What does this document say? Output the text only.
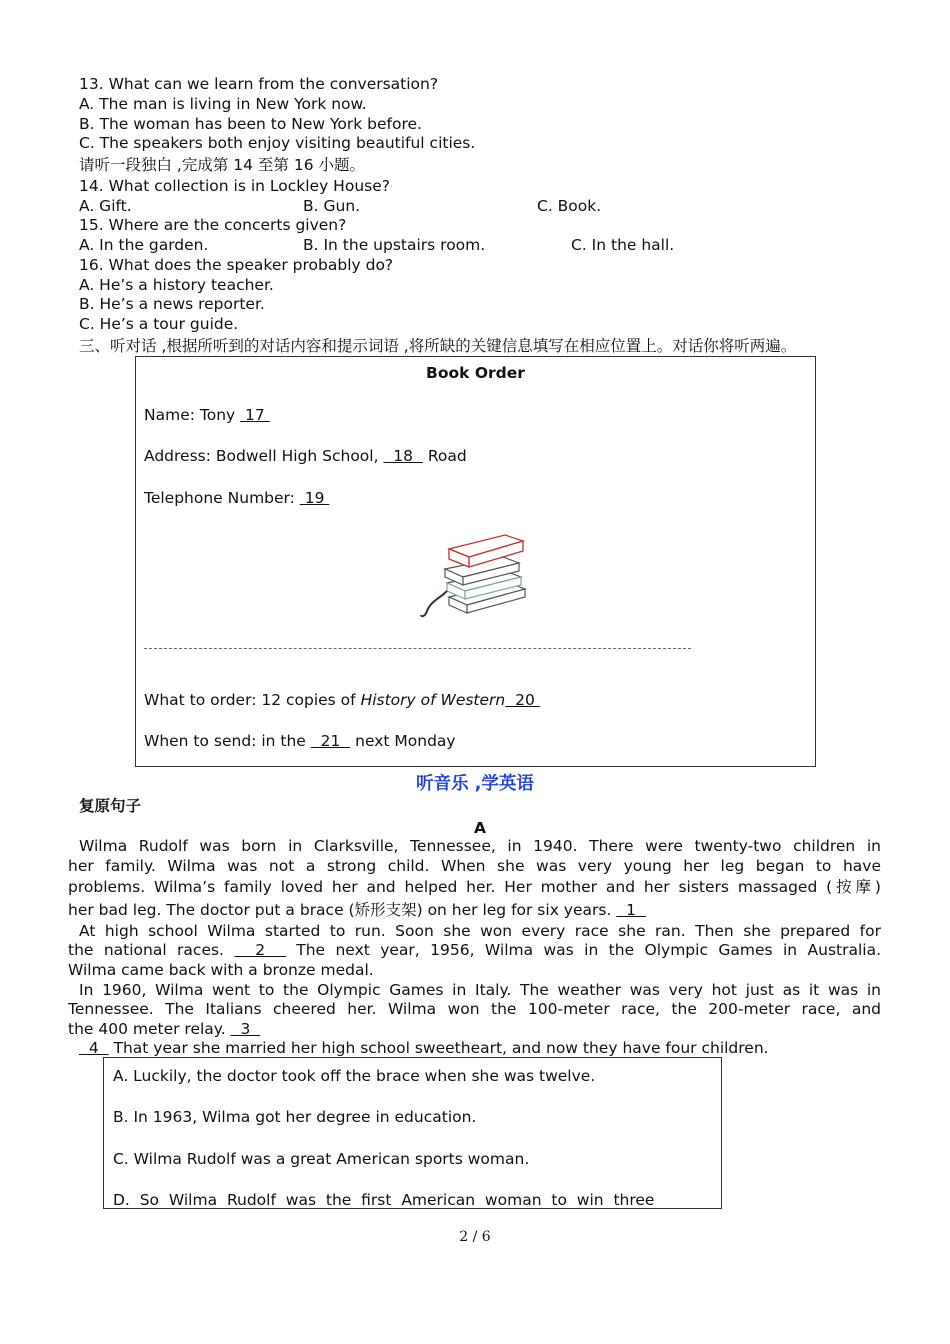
13. What can we learn from the conversation?
A. The man is living in New York now.
B. The woman has been to New York before.
C. The speakers both enjoy visiting beautiful cities.
请听一段独白 ,完成第 14 至第 16 小题。
14. What collection is in Lockley House?
A. Gift.	B. Gun.	C. Book.
15. Where are the concerts given?
A. In the garden.	B. In the upstairs room.	C. In the hall.
16. What does the speaker probably do?
A. He’s a history teacher.
B. He’s a news reporter.
C. He’s a tour guide.
三、听对话 ,根据所听到的对话内容和提示词语 ,将所缺的关键信息填写在相应位置上。对话你将听两遍。
Book Order
Name: Tony  17
Address: Bodwell High School,   18   Road
Telephone Number:  19
What to order: 12 copies of History of Western  20
When to send: in the   21   next Monday
听音乐 ,学英语
复原句子
A
Wilma Rudolf was born in Clarksville, Tennessee, in 1940. There were twenty-two children in
her family. Wilma was not a strong child. When she was very young her leg began to have
problems. Wilma’s family loved her and helped her. Her mother and her sisters massaged (按摩)
her bad leg. The doctor put a brace (矫形支架) on her leg for six years.   1
At high school Wilma started to run. Soon she won every race she ran. Then she prepared for
the national races.   2   The next year, 1956, Wilma was in the Olympic Games in Australia.
Wilma came back with a bronze medal.
In 1960, Wilma went to the Olympic Games in Italy. The weather was very hot just as it was in
Tennessee. The Italians cheered her. Wilma won the 100-meter race, the 200-meter race, and
the 400 meter relay.   3
4   That year she married her high school sweetheart, and now they have four children.
A. Luckily, the doctor took off the brace when she was twelve.
B. In 1963, Wilma got her degree in education.
C. Wilma Rudolf was a great American sports woman.
D.  So  Wilma  Rudolf  was  the  first  American  woman  to  win  three
2 / 6
